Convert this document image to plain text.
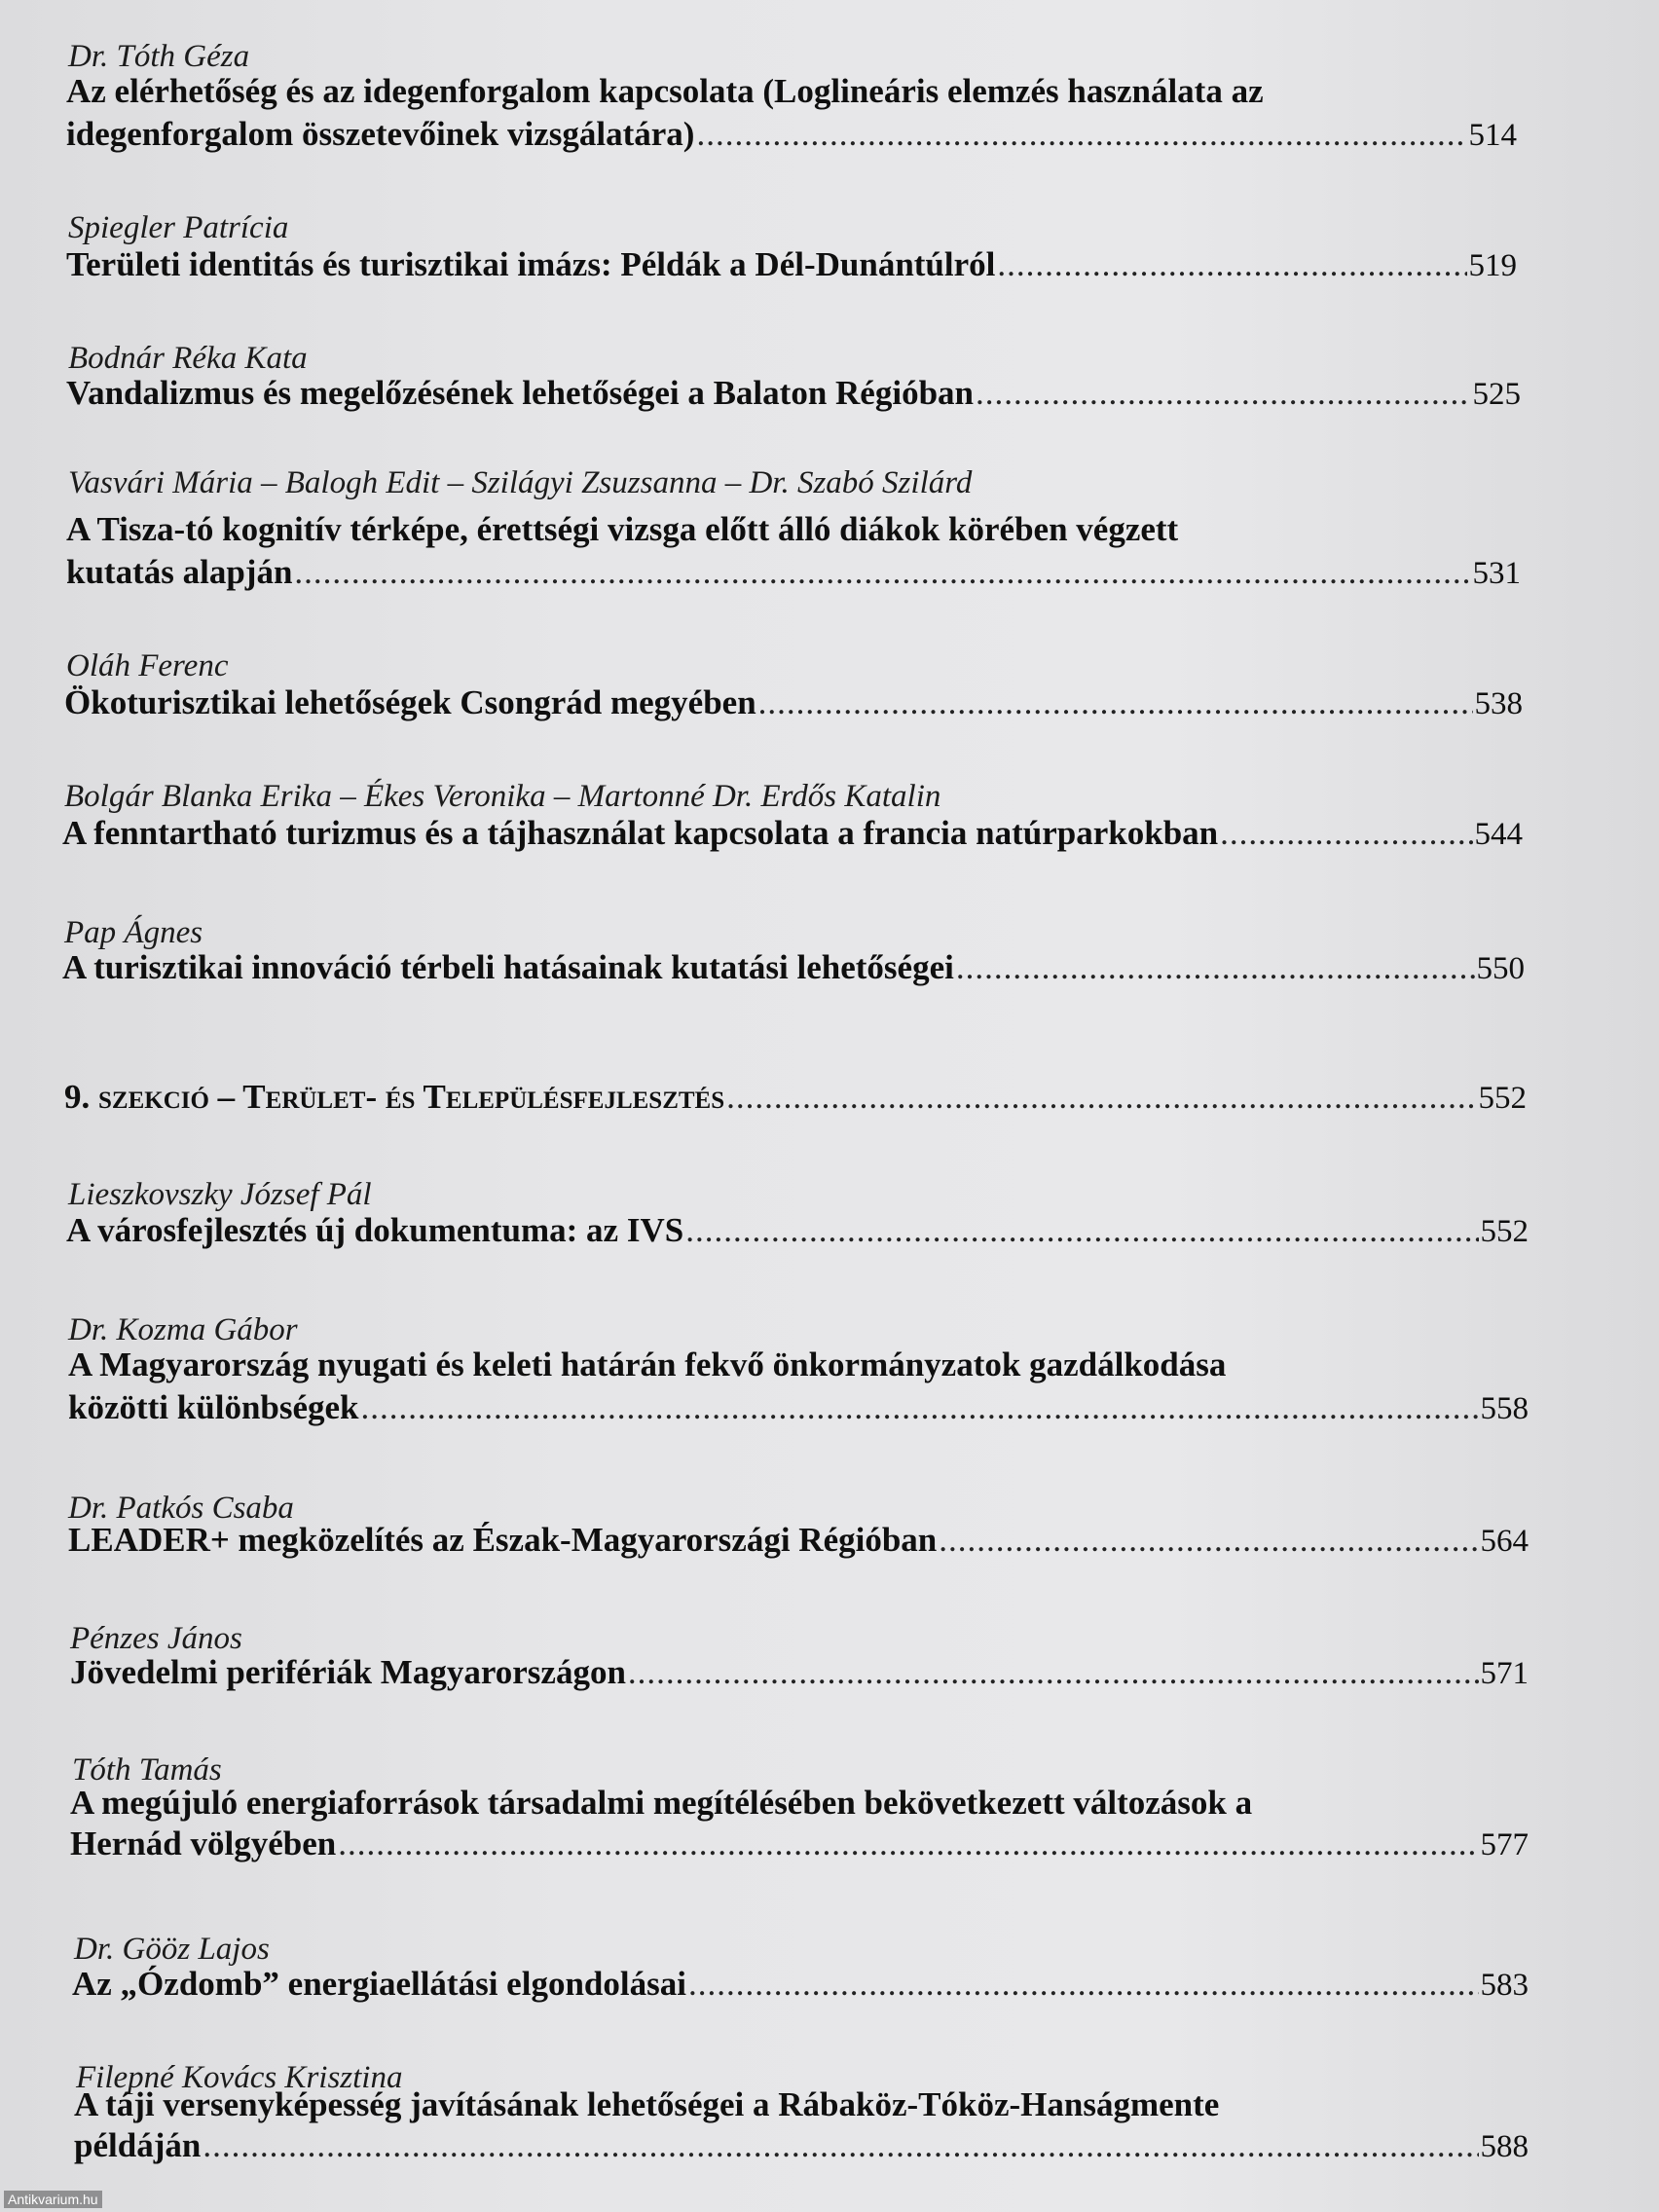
Dr. Tóth Géza
Az elérhetőség és az idegenforgalom kapcsolata (Loglineáris elemzés használata az
idegenforgalom összetevőinek vizsgálatára) .....	514
Spiegler Patrícia
Területi identitás és turisztikai imázs: Példák a Dél-Dunántúlról .....	519
Bodnár Réka Kata
Vandalizmus és megelőzésének lehetőségei a Balaton Régióban .....	525
Vasvári Mária – Balogh Edit – Szilágyi Zsuzsanna – Dr. Szabó Szilárd
A Tisza-tó kognitív térképe, érettségi vizsga előtt álló diákok körében végzett
kutatás alapján .....	531
Oláh Ferenc
Ökoturisztikai lehetőségek Csongrád megyében .....	538
Bolgár Blanka Erika – Ékes Veronika – Martonné Dr. Erdős Katalin
A fenntartható turizmus és a tájhasználat kapcsolata a francia natúrparkokban .....	544
Pap Ágnes
A turisztikai innováció térbeli hatásainak kutatási lehetőségei .....	550
9. szekció – Terület- és Településfejlesztés .....	552
Lieszkovszky József Pál
A városfejlesztés új dokumentuma: az IVS .....	552
Dr. Kozma Gábor
A Magyarország nyugati és keleti határán fekvő önkormányzatok gazdálkodása
közötti különbségek .....	558
Dr. Patkós Csaba
LEADER+ megközelítés az Észak-Magyarországi Régióban .....	564
Pénzes János
Jövedelmi perifériák Magyarországon .....	571
Tóth Tamás
A megújuló energiaforrások társadalmi megítélésében bekövetkezett változások a
Hernád völgyében .....	577
Dr. Gööz Lajos
Az „Ózdomb” energiaellátási elgondolásai .....	583
Filepné Kovács Krisztina
A táji versenyképesség javításának lehetőségei a Rábaköz-Tóköz-Hanságmente
példáján .....	588
Antikvarium.hu
